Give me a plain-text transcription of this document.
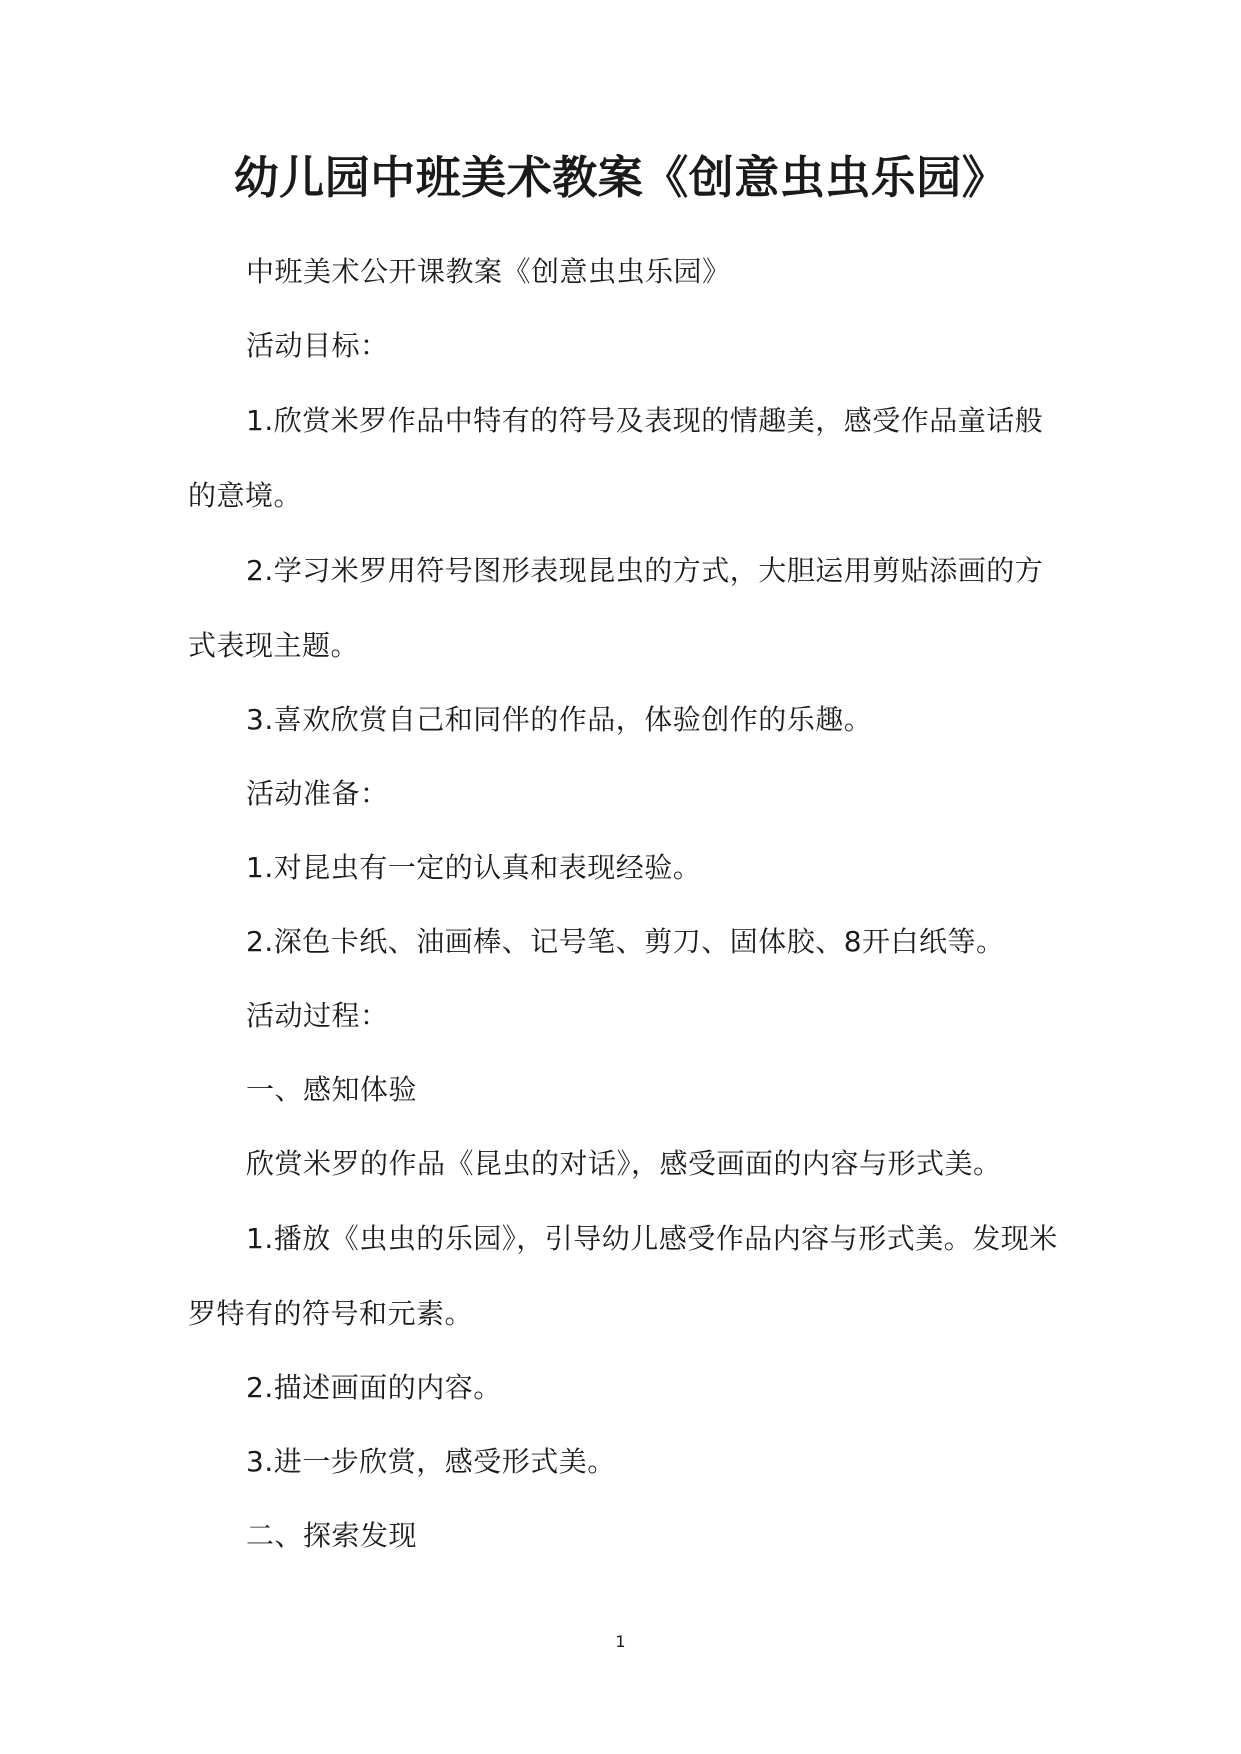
幼儿园中班美术教案《创意虫虫乐园》

中班美术公开课教案《创意虫虫乐园》

活动目标：

1.欣赏米罗作品中特有的符号及表现的情趣美，感受作品童话般的意境。

2.学习米罗用符号图形表现昆虫的方式，大胆运用剪贴添画的方式表现主题。

3.喜欢欣赏自己和同伴的作品，体验创作的乐趣。

活动准备：

1.对昆虫有一定的认真和表现经验。

2.深色卡纸、油画棒、记号笔、剪刀、固体胶、8开白纸等。

活动过程：

一、感知体验

欣赏米罗的作品《昆虫的对话》，感受画面的内容与形式美。

1.播放《虫虫的乐园》，引导幼儿感受作品内容与形式美。发现米罗特有的符号和元素。

2.描述画面的内容。

3.进一步欣赏，感受形式美。

二、探索发现

1
